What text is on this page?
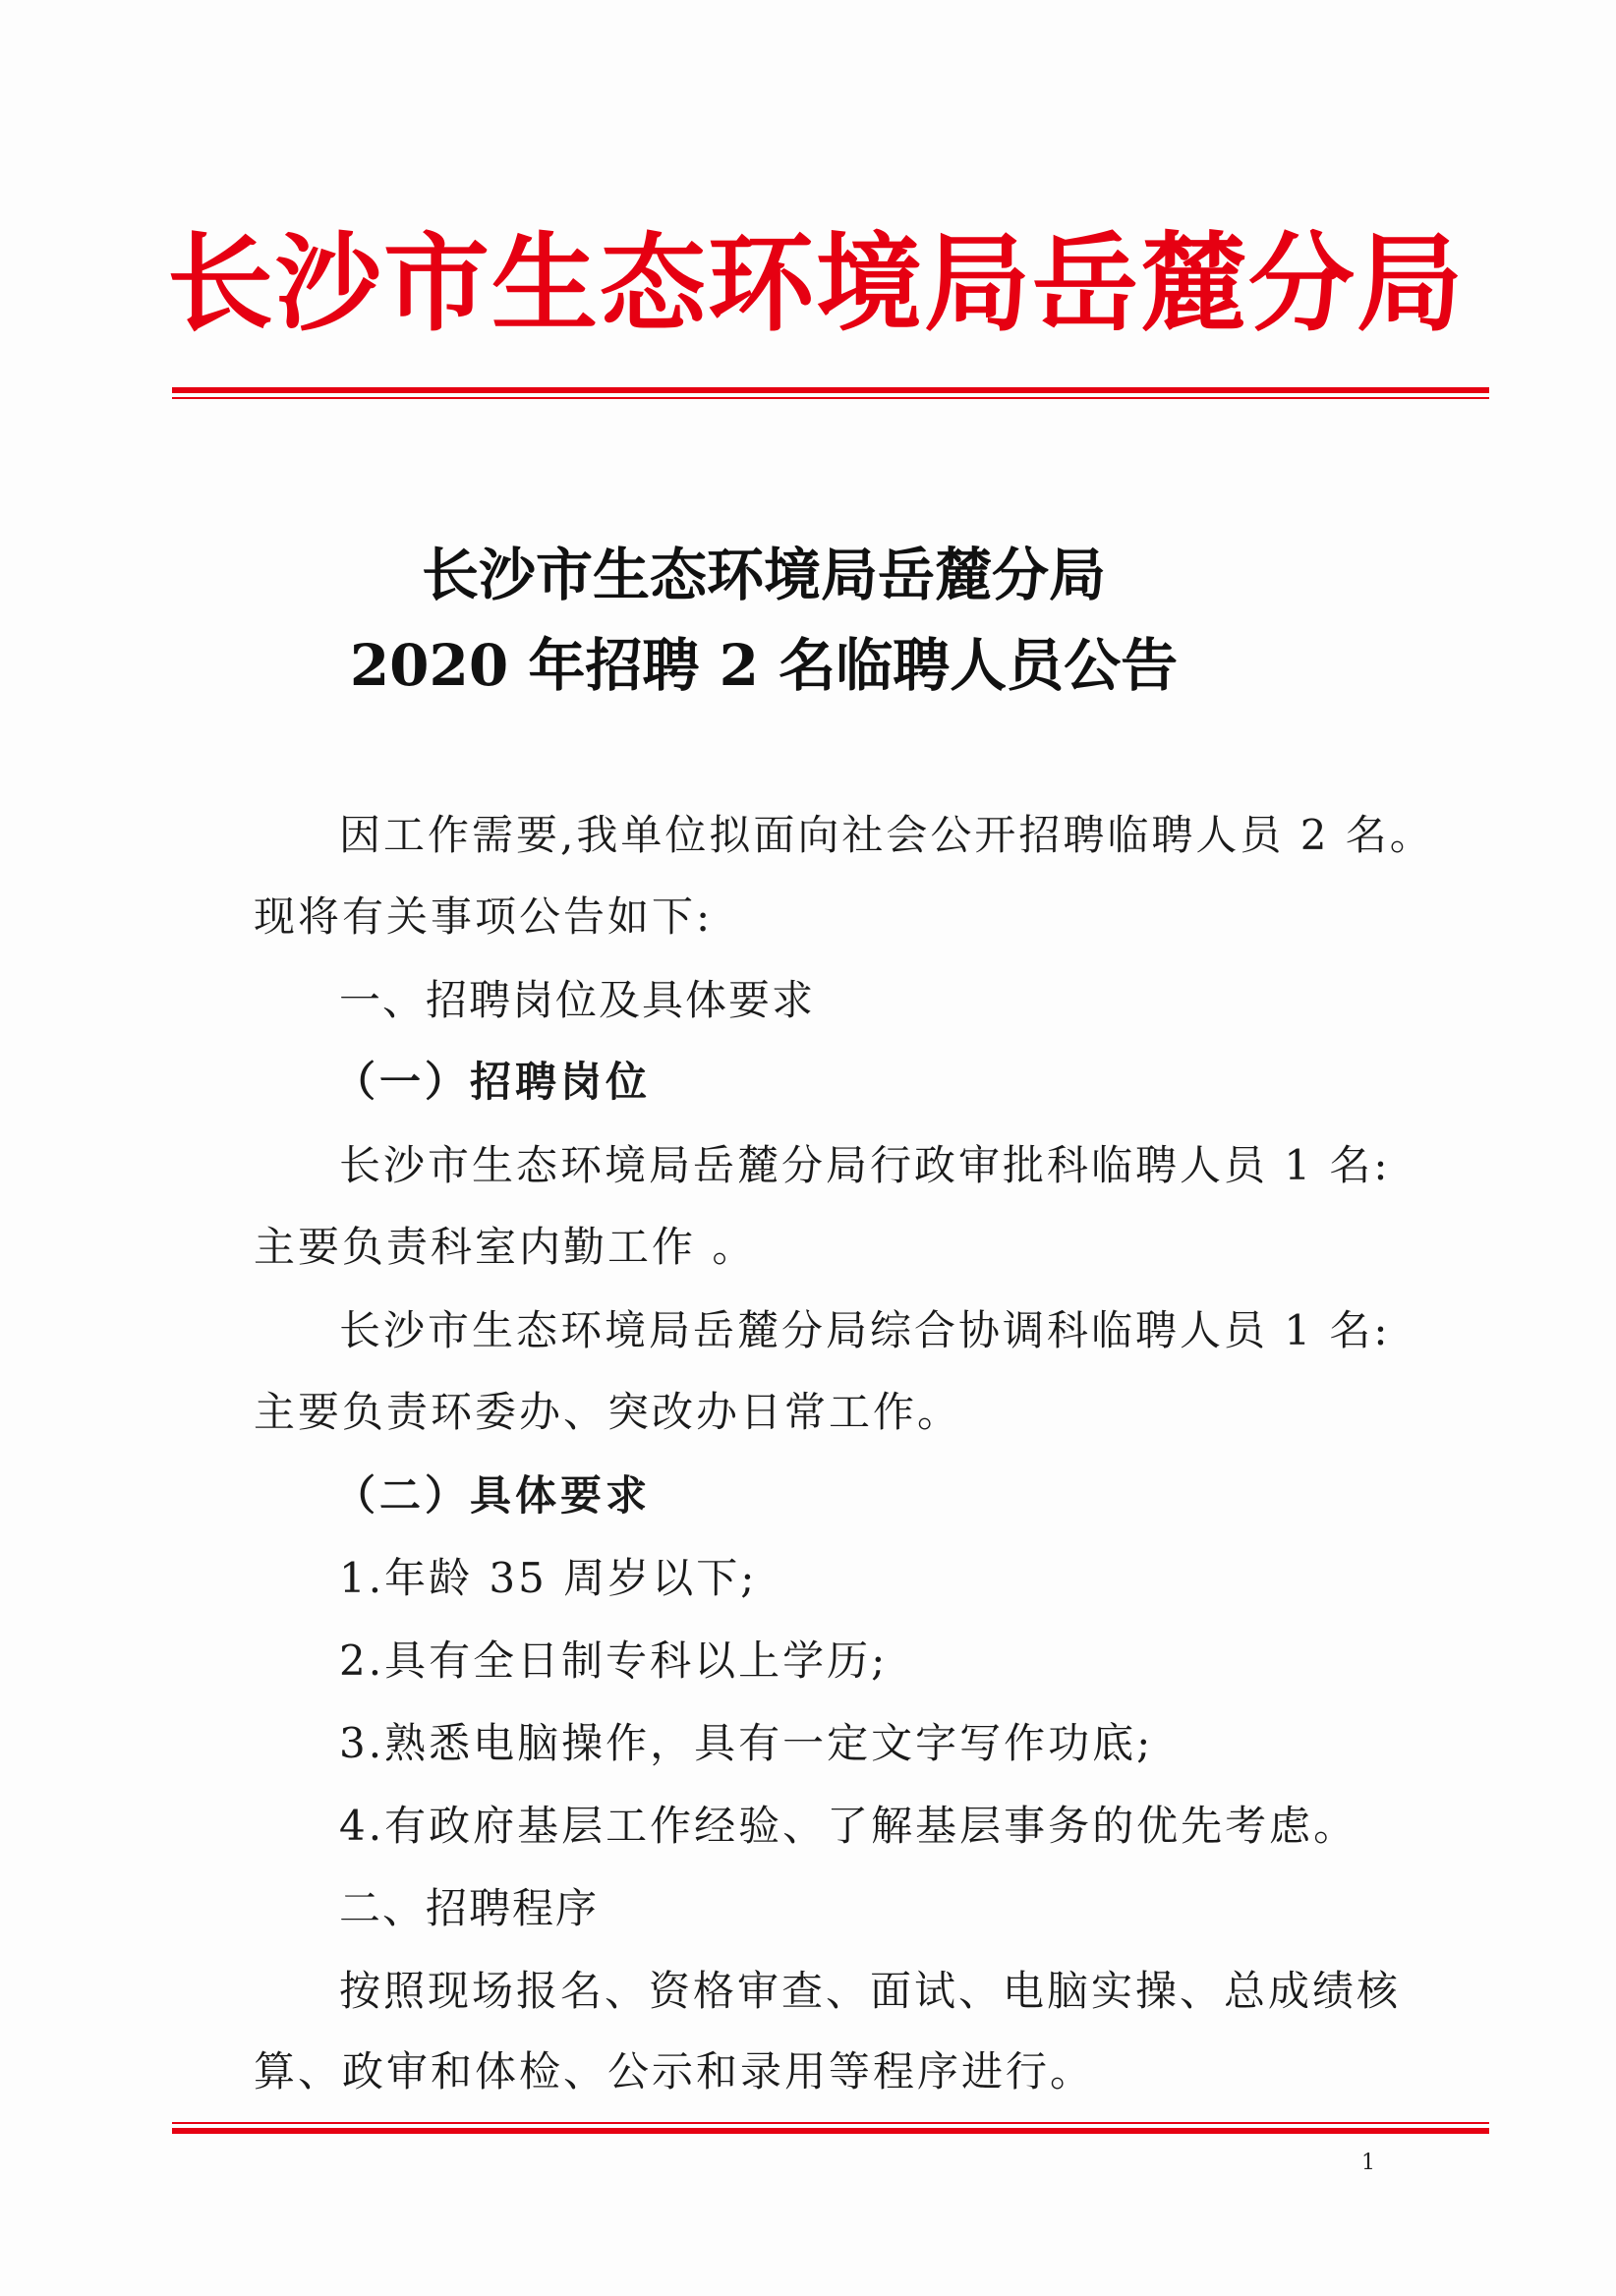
长沙市生态环境局岳麓分局
长沙市生态环境局岳麓分局
2020 年招聘 2 名临聘人员公告
因工作需要,我单位拟面向社会公开招聘临聘人员 2 名。
现将有关事项公告如下:
一、招聘岗位及具体要求
（一）招聘岗位
长沙市生态环境局岳麓分局行政审批科临聘人员 1 名:
主要负责科室内勤工作 。
长沙市生态环境局岳麓分局综合协调科临聘人员 1 名:
主要负责环委办、突改办日常工作。
（二）具体要求
1.年龄 35 周岁以下;
2.具有全日制专科以上学历;
3.熟悉电脑操作，具有一定文字写作功底;
4.有政府基层工作经验、了解基层事务的优先考虑。
二、招聘程序
按照现场报名、资格审查、面试、电脑实操、总成绩核
算、政审和体检、公示和录用等程序进行。
1
